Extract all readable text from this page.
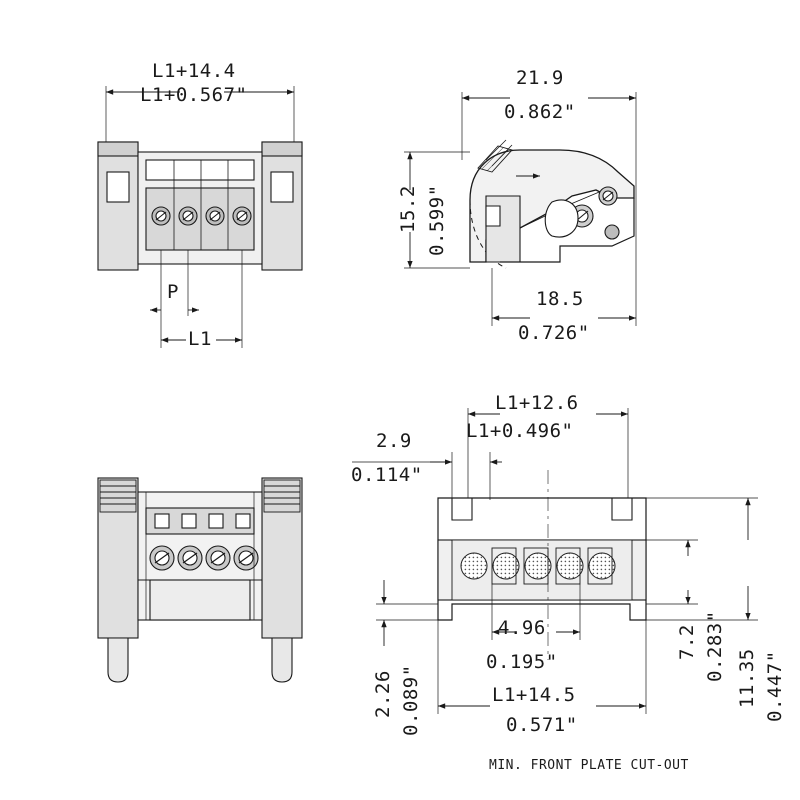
L1+14.4
L1+0.567"
P
L1
21.9
0.862"
15.2 0.599"
18.5
0.726"
L1+12.6
L1+0.496"
2.9
0.114"
4.96
0.195"
L1+14.5
0.571"
2.26 0.089"
7.2 0.283" 11.35 0.447"
MIN. FRONT PLATE CUT-OUT
